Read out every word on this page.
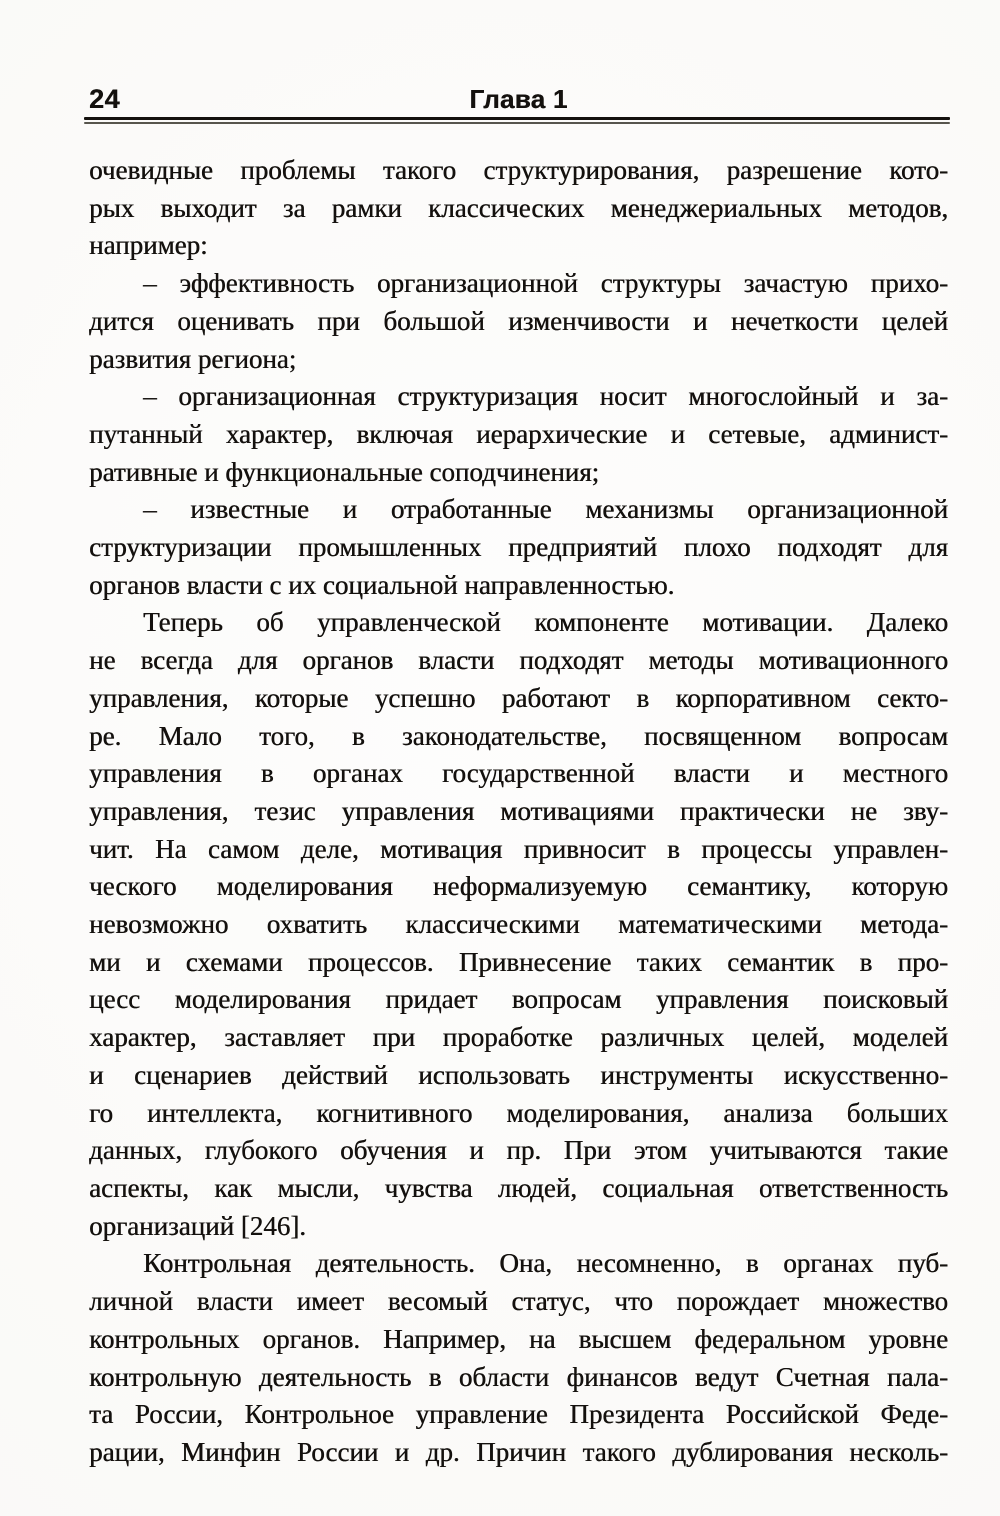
24	Глава 1
очевидные проблемы такого структурирования, разрешение кото-
рых выходит за рамки классических менеджериальных методов,
например:
– эффективность организационной структуры зачастую прихо-
дится оценивать при большой изменчивости и нечеткости целей
развития региона;
– организационная структуризация носит многослойный и за-
путанный характер, включая иерархические и сетевые, админист-
ративные и функциональные соподчинения;
– известные и отработанные механизмы организационной
структуризации промышленных предприятий плохо подходят для
органов власти с их социальной направленностью.
Теперь об управленческой компоненте мотивации. Далеко
не всегда для органов власти подходят методы мотивационного
управления, которые успешно работают в корпоративном секто-
ре. Мало того, в законодательстве, посвященном вопросам
управления в органах государственной власти и местного
управления, тезис управления мотивациями практически не зву-
чит. На самом деле, мотивация привносит в процессы управлен-
ческого моделирования неформализуемую семантику, которую
невозможно охватить классическими математическими метода-
ми и схемами процессов. Привнесение таких семантик в про-
цесс моделирования придает вопросам управления поисковый
характер, заставляет при проработке различных целей, моделей
и сценариев действий использовать инструменты искусственно-
го интеллекта, когнитивного моделирования, анализа больших
данных, глубокого обучения и пр. При этом учитываются такие
аспекты, как мысли, чувства людей, социальная ответственность
организаций [246].
Контрольная деятельность. Она, несомненно, в органах пуб-
личной власти имеет весомый статус, что порождает множество
контрольных органов. Например, на высшем федеральном уровне
контрольную деятельность в области финансов ведут Счетная пала-
та России, Контрольное управление Президента Российской Феде-
рации, Минфин России и др. Причин такого дублирования несколь-
